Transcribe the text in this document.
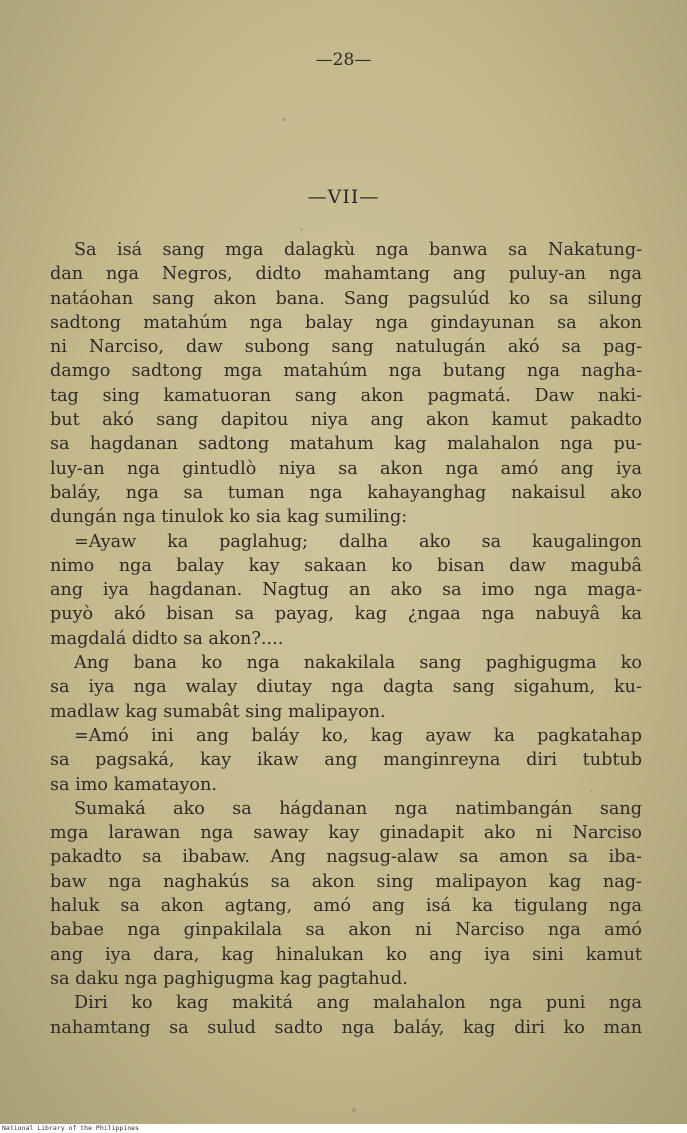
—28—
—VII—
Sa isá sang mga dalagkù nga banwa sa Nakatung-
dan nga Negros, didto mahamtang ang puluy-an nga
natáohan sang akon bana. Sang pagsulúd ko sa silung
sadtong matahúm nga balay nga gindayunan sa akon
ni Narciso, daw subong sang natulugán akó sa pag-
damgo sadtong mga matahúm nga butang nga nagha-
tag sing kamatuoran sang akon pagmatá. Daw naki-
but akó sang dapitou niya ang akon kamut pakadto
sa hagdanan sadtong matahum kag malahalon nga pu-
luy-an nga gintudlò niya sa akon nga amó ang iya
baláy, nga sa tuman nga kahayanghag nakaisul ako
dungán nga tinulok ko sia kag sumiling:
=Ayaw ka paglahug; dalha ako sa kaugalingon
nimo nga balay kay sakaan ko bisan daw magubâ
ang iya hagdanan. Nagtug an ako sa imo nga maga-
puyò akó bisan sa payag, kag ¿ngaa nga nabuyâ ka
magdalá didto sa akon?....
Ang bana ko nga nakakilala sang paghigugma ko
sa iya nga walay diutay nga dagta sang sigahum, ku-
madlaw kag sumabât sing malipayon.
=Amó ini ang baláy ko, kag ayaw ka pagkatahap
sa pagsaká, kay ikaw ang manginreyna diri tubtub
sa imo kamatayon.
Sumaká ako sa hágdanan nga natimbangán sang
mga larawan nga saway kay ginadapit ako ni Narciso
pakadto sa ibabaw. Ang nagsug-alaw sa amon sa iba-
baw nga naghakús sa akon sing malipayon kag nag-
haluk sa akon agtang, amó ang isá ka tigulang nga
babae nga ginpakilala sa akon ni Narciso nga amó
ang iya dara, kag hinalukan ko ang iya sini kamut
sa daku nga paghigugma kag pagtahud.
Diri ko kag makitá ang malahalon nga puni nga
nahamtang sa sulud sadto nga baláy, kag diri ko man
National Library of the Philippines
